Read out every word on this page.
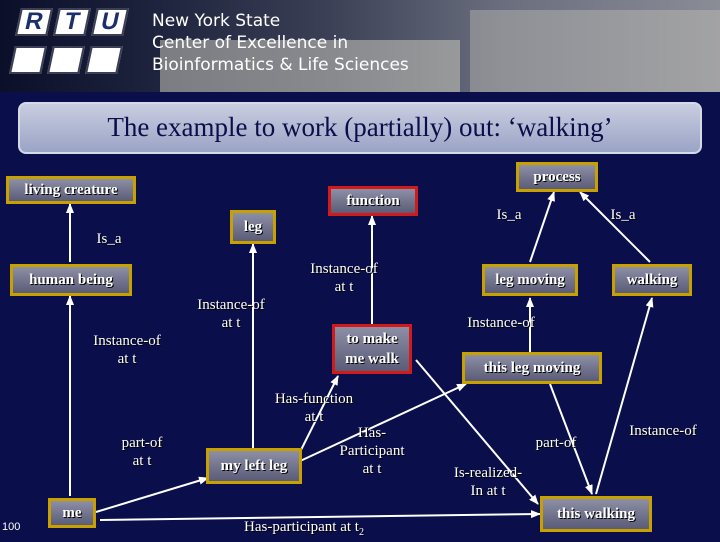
R T U	New York State
Center of Excellence in
Bioinformatics & Life Sciences
The example to work (partially) out: ‘walking’
living creature
human being
me
leg
my left leg
function
to make me walk
process
leg moving	walking
this leg moving
this walking
Is_a
Instance-of
at t
part-of
at t
Instance-of
at t
Instance-of
at t
Has-function
at t
Has-
Participant
at t
Has-participant at $t_2$
Is_a	Is_a
Instance-of
part-of
Instance-of
Is-realized-
In at t
100
